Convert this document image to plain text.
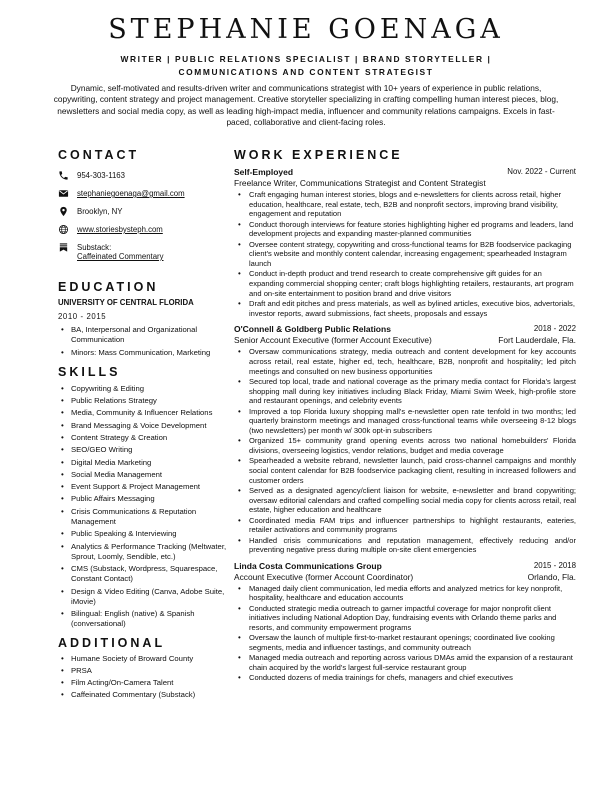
STEPHANIE GOENAGA
WRITER | PUBLIC RELATIONS SPECIALIST | BRAND STORYTELLER |
COMMUNICATIONS AND CONTENT STRATEGIST
Dynamic, self-motivated and results-driven writer and communications strategist with 10+ years of experience in public relations, copywriting, content strategy and project management. Creative storyteller specializing in crafting compelling human interest pieces, blog, newsletters and social media copy, as well as leading high-impact media, influencer and community relations campaigns. Excels in fast-paced, collaborative and client-facing roles.
CONTACT
954-303-1163
stephaniegoenaga@gmail.com
Brooklyn, NY
www.storiesbysteph.com
Substack:
Caffeinated Commentary
EDUCATION
UNIVERSITY OF CENTRAL FLORIDA
2010 - 2015
• BA, Interpersonal and Organizational Communication
• Minors: Mass Communication, Marketing
SKILLS
• Copywriting & Editing
• Public Relations Strategy
• Media, Community & Influencer Relations
• Brand Messaging & Voice Development
• Content Strategy & Creation
• SEO/GEO Writing
• Digital Media Marketing
• Social Media Management
• Event Support & Project Management
• Public Affairs Messaging
• Crisis Communications & Reputation Management
• Public Speaking & Interviewing
• Analytics & Performance Tracking (Meltwater, Sprout, Loomly, Sendible, etc.)
• CMS (Substack, Wordpress, Squarespace, Constant Contact)
• Design & Video Editing (Canva, Adobe Suite, iMovie)
• Bilingual: English (native) & Spanish (conversational)
ADDITIONAL
• Humane Society of Broward County
• PRSA
• Film Acting/On-Camera Talent
• Caffeinated Commentary (Substack)
WORK EXPERIENCE
Self-Employed	Nov. 2022 - Current
Freelance Writer, Communications Strategist and Content Strategist
• Craft engaging human interest stories, blogs and e-newsletters for clients across retail, higher education, healthcare, real estate, tech, B2B and nonprofit sectors, improving brand visibility, engagement and reputation
• Conduct thorough interviews for feature stories highlighting higher ed programs and leaders, land development projects and expanding master-planned communities
• Oversee content strategy, copywriting and cross-functional teams for B2B foodservice packaging client's website and monthly content calendar, increasing engagement; spearheaded Instagram launch
• Conduct in-depth product and trend research to create comprehensive gift guides for an expanding commercial shopping center; craft blogs highlighting retailers, restaurants, art program and on-site entertainment to position brand and drive visitors
• Draft and edit pitches and press materials, as well as bylined articles, executive bios, advertorials, investor reports, award submissions, fact sheets, proposals and essays
O'Connell & Goldberg Public Relations	2018 - 2022
Senior Account Executive (former Account Executive)	Fort Lauderdale, Fla.
• Oversaw communications strategy, media outreach and content development for key accounts across retail, real estate, higher ed, tech, healthcare, B2B, nonprofit and hospitality; led pitch meetings and consulted on new business opportunities
• Secured top local, trade and national coverage as the primary media contact for Florida's largest shopping mall during key initiatives including Black Friday, Miami Swim Week, high-profile store and restaurant openings, and celebrity events
• Improved a top Florida luxury shopping mall's e-newsletter open rate tenfold in two months; led quarterly brainstorm meetings and managed cross-functional teams while overseeing 8-12 blogs (two newsletters) per month w/ 300k opt-in subscribers
• Organized 15+ community grand opening events across two national homebuilders' Florida divisions, overseeing logistics, vendor relations, budget and media coverage
• Spearheaded a website rebrand, newsletter launch, paid cross-channel campaigns and monthly social content calendar for B2B foodservice packaging client, resulting in increased followers and customer orders
• Served as a designated agency/client liaison for website, e-newsletter and brand copywriting; oversaw editorial calendars and crafted compelling social media copy for clients across retail, real estate, higher education and healthcare
• Coordinated media FAM trips and influencer partnerships to highlight restaurants, eateries, retailer activations and community programs
• Handled crisis communications and reputation management, effectively reducing and/or preventing negative press during multiple on-site client emergencies
Linda Costa Communications Group	2015 - 2018
Account Executive (former Account Coordinator)	Orlando, Fla.
• Managed daily client communication, led media efforts and analyzed metrics for key nonprofit, hospitality, healthcare and education accounts
• Conducted strategic media outreach to garner impactful coverage for major nonprofit client initiatives including National Adoption Day, fundraising events with Orlando theme parks and resorts, and community empowerment programs
• Oversaw the launch of multiple first-to-market restaurant openings; coordinated live cooking segments, media and influencer tastings, and community outreach
• Managed media outreach and reporting across various DMAs amid the expansion of a restaurant chain acquired by the world's largest full-service restaurant group
• Conducted dozens of media trainings for chefs, managers and chief executives
